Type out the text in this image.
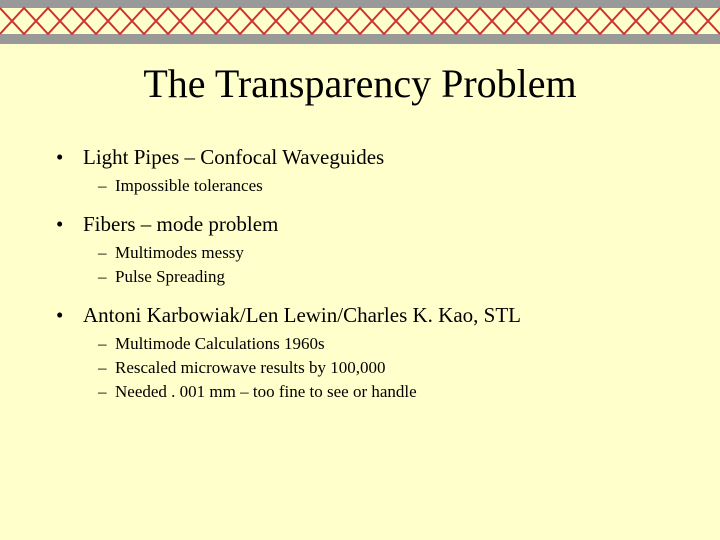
The Transparency Problem
• Light Pipes – Confocal Waveguides
– Impossible tolerances
• Fibers – mode problem
– Multimodes messy
– Pulse Spreading
• Antoni Karbowiak/Len Lewin/Charles K. Kao, STL
– Multimode Calculations 1960s
– Rescaled microwave results by 100,000
– Needed . 001 mm – too fine to see or handle
